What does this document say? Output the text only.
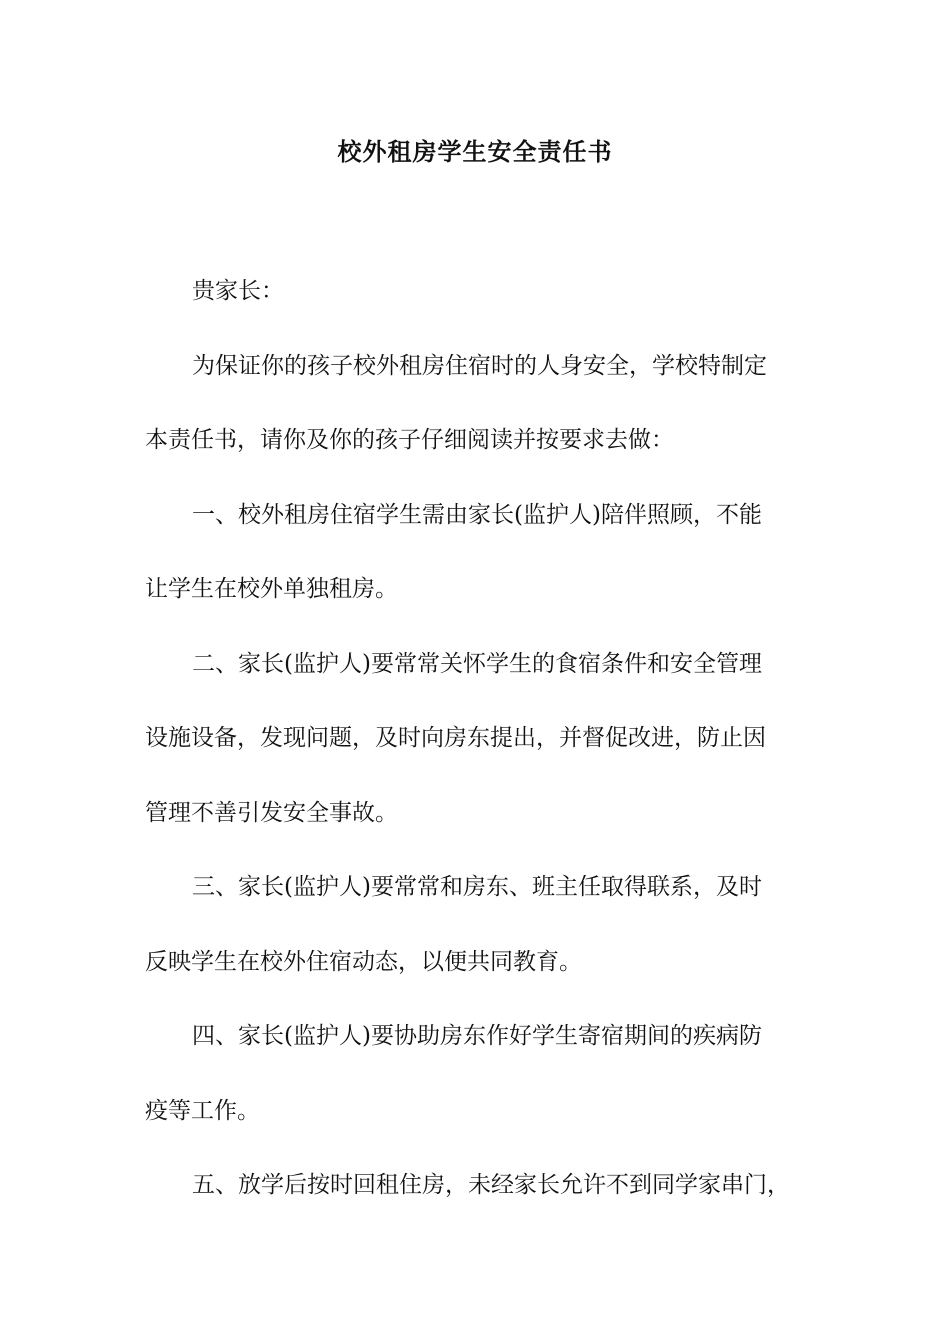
校外租房学生安全责任书

贵家长：

为保证你的孩子校外租房住宿时的人身安全，学校特制定
本责任书，请你及你的孩子仔细阅读并按要求去做：

一、校外租房住宿学生需由家长(监护人)陪伴照顾，不能
让学生在校外单独租房。

二、家长(监护人)要常常关怀学生的食宿条件和安全管理
设施设备，发现问题，及时向房东提出，并督促改进，防止因
管理不善引发安全事故。

三、家长(监护人)要常常和房东、班主任取得联系，及时
反映学生在校外住宿动态，以便共同教育。

四、家长(监护人)要协助房东作好学生寄宿期间的疾病防
疫等工作。

五、放学后按时回租住房，未经家长允许不到同学家串门，
